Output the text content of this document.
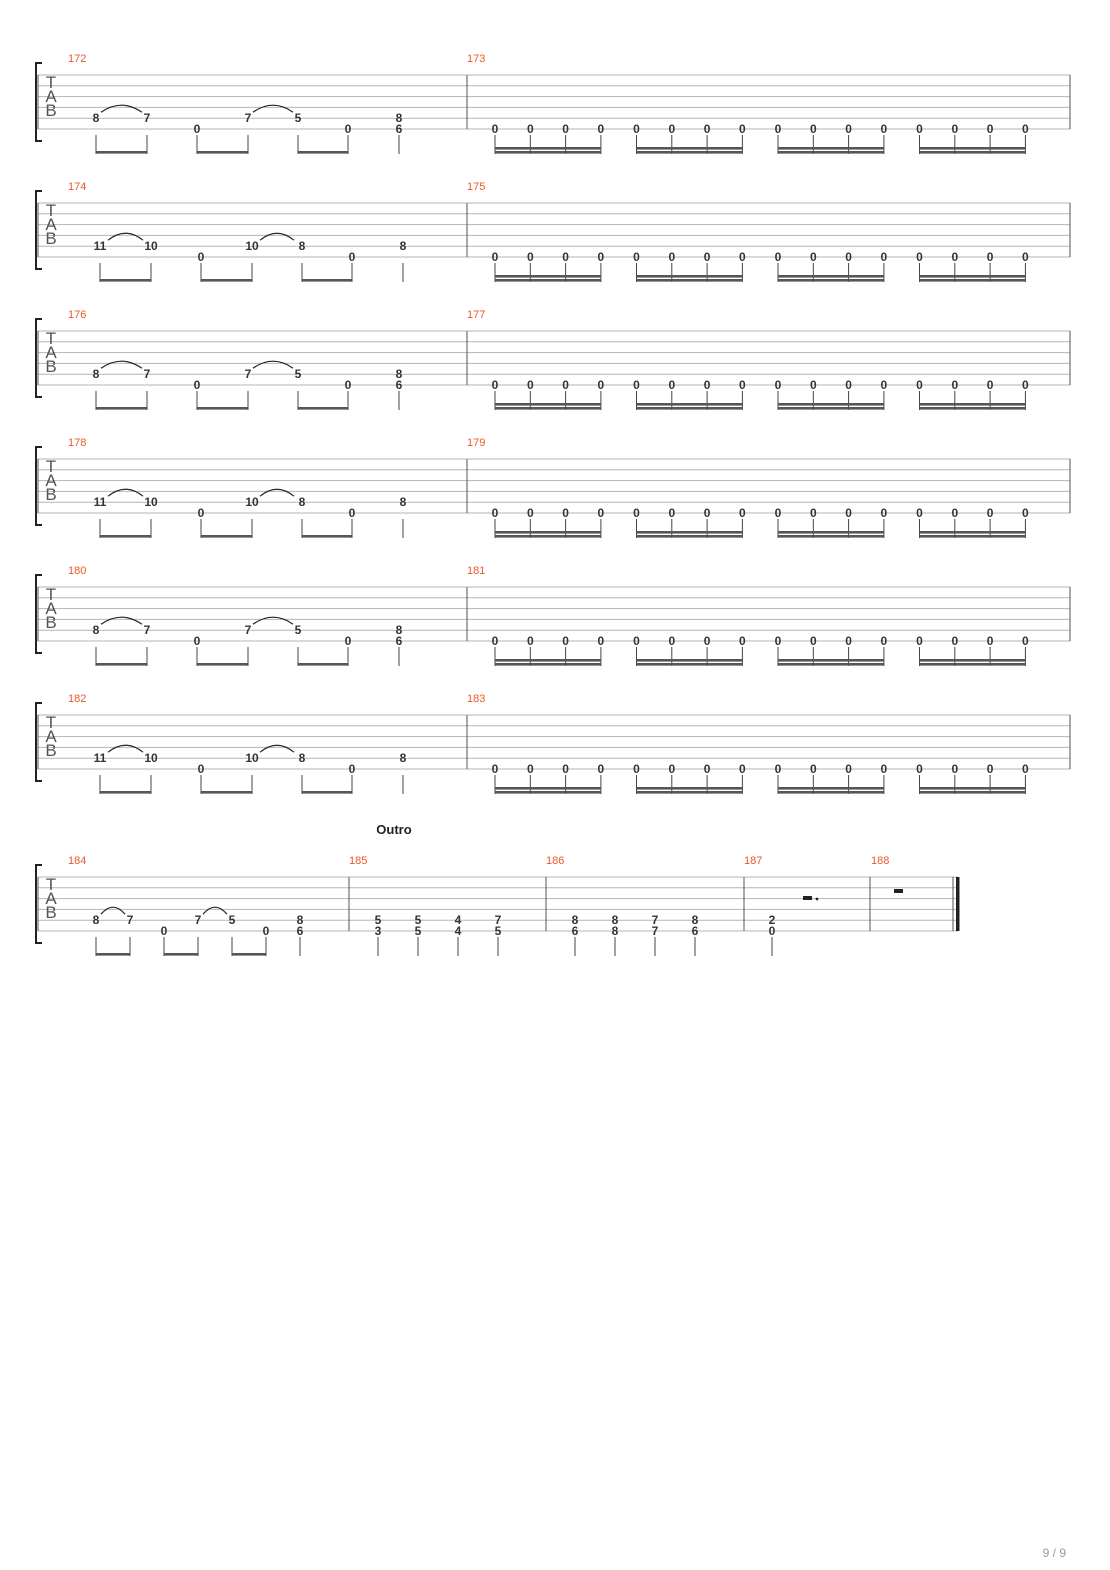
T
A
B
172	173
8	7
0
7	5
0
8
6	0 0 0 0 0 0 0 0 0 0 0 0 0 0 0 0
T
A
B
174	175
11	10
0
10	8
0
8
0 0 0 0 0 0 0 0 0 0 0 0 0 0 0 0
T
A
B
176	177
8	7
0
7	5
0
8
6	0 0 0 0 0 0 0 0 0 0 0 0 0 0 0 0
T
A
B
178	179
11	10
0
10	8
0
8
0 0 0 0 0 0 0 0 0 0 0 0 0 0 0 0
T
A
B
180	181
8	7
0
7	5
0
8
6	0 0 0 0 0 0 0 0 0 0 0 0 0 0 0 0
T
A
B
182	183
11	10
0
10	8
0
8
0 0 0 0 0 0 0 0 0 0 0 0 0 0 0 0
T
A
B
Outro
184	185	186	187	188
8 7
0
7 5
0
8
6
5
3
5
5
4
4
7
5
8
6
8
8
7
7
8
6
2
0
9 / 9
